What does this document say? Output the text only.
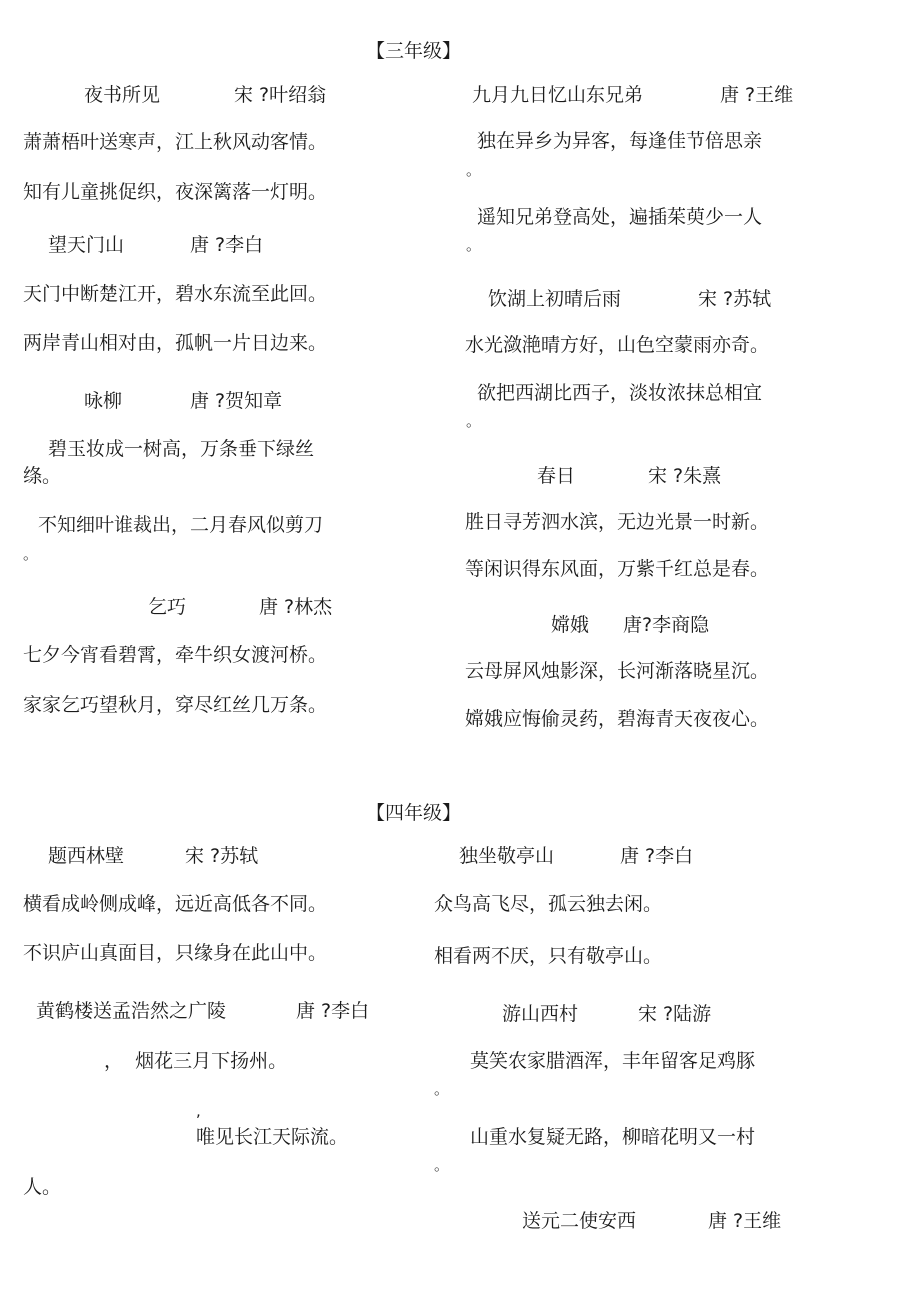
【三年级】
夜书所见	宋 ?叶绍翁
萧萧梧叶送寒声，江上秋风动客情。
知有儿童挑促织，夜深篱落一灯明。
望天门山	唐 ?李白
天门中断楚江开，碧水东流至此回。
两岸青山相对由，孤帆一片日边来。
咏柳	唐 ?贺知章
碧玉妆成一树高，万条垂下绿丝
绦。
不知细叶谁裁出，二月春风似剪刀
。
乞巧	唐 ?林杰
七夕今宵看碧霄，牵牛织女渡河桥。
家家乞巧望秋月，穿尽红丝几万条。
九月九日忆山东兄弟	唐 ?王维
独在异乡为异客，每逢佳节倍思亲
。
遥知兄弟登高处，遍插茱萸少一人
。
饮湖上初晴后雨	宋 ?苏轼
水光潋滟晴方好，山色空蒙雨亦奇。
欲把西湖比西子，淡妆浓抹总相宜
。
春日	宋 ?朱熹
胜日寻芳泗水滨，无边光景一时新。
等闲识得东风面，万紫千红总是春。
嫦娥 唐?李商隐
云母屏风烛影深，长河渐落晓星沉。
嫦娥应悔偷灵药，碧海青天夜夜心。
【四年级】
题西林壁	宋 ?苏轼
横看成岭侧成峰，远近高低各不同。
不识庐山真面目，只缘身在此山中。
黄鹤楼送孟浩然之广陵	唐 ?李白
，  烟花三月下扬州。
,
唯见长江天际流。
人。
独坐敬亭山	唐 ?李白
众鸟高飞尽，孤云独去闲。
相看两不厌，只有敬亭山。
游山西村	宋 ?陆游
莫笑农家腊酒浑，丰年留客足鸡豚
。
山重水复疑无路，柳暗花明又一村
。
送元二使安西	唐 ?王维
